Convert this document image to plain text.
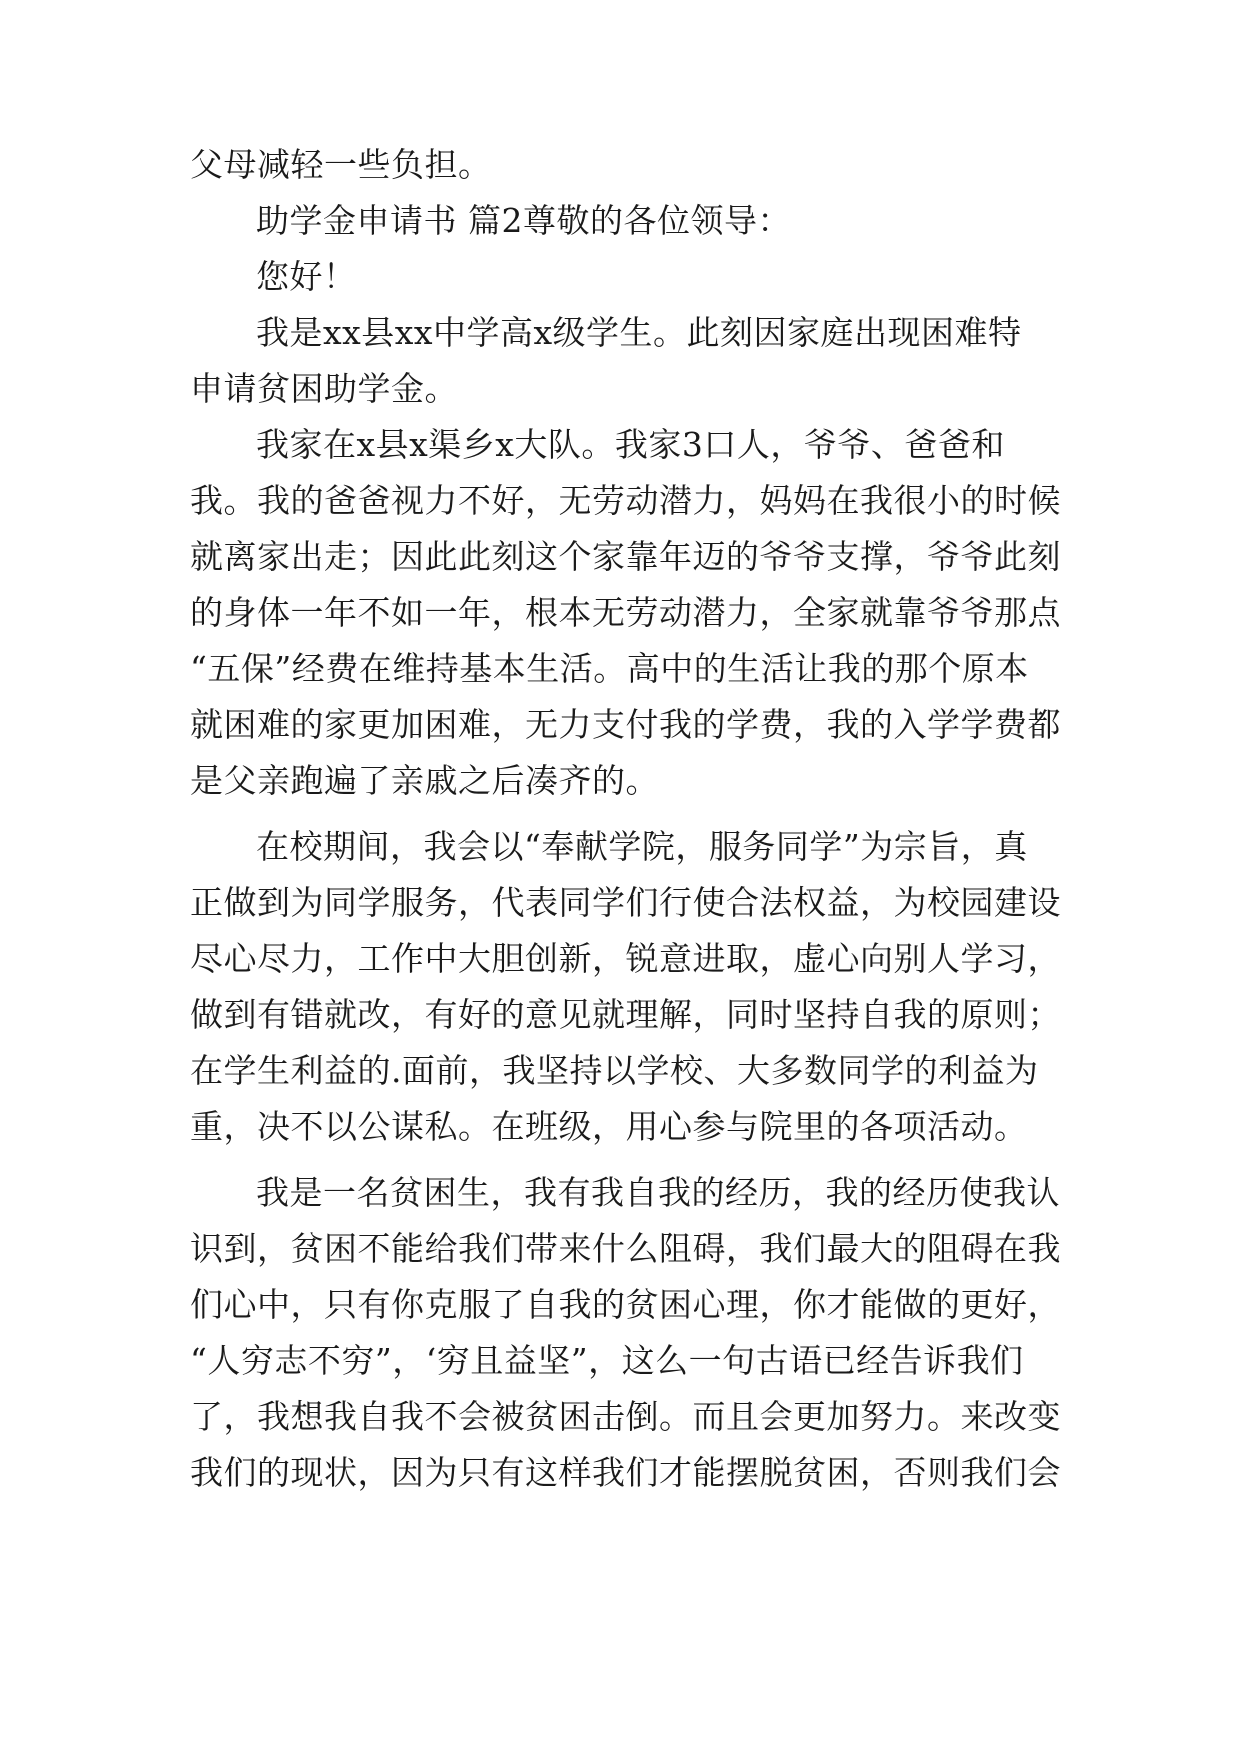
父母减轻一些负担。
助学金申请书 篇2尊敬的各位领导：
您好！
我是xx县xx中学高x级学生。此刻因家庭出现困难特
申请贫困助学金。
我家在x县x渠乡x大队。我家3口人，爷爷、爸爸和
我。我的爸爸视力不好，无劳动潜力，妈妈在我很小的时候
就离家出走；因此此刻这个家靠年迈的爷爷支撑，爷爷此刻
的身体一年不如一年，根本无劳动潜力，全家就靠爷爷那点
“五保”经费在维持基本生活。高中的生活让我的那个原本
就困难的家更加困难，无力支付我的学费，我的入学学费都
是父亲跑遍了亲戚之后凑齐的。
在校期间，我会以“奉献学院，服务同学”为宗旨，真
正做到为同学服务，代表同学们行使合法权益，为校园建设
尽心尽力，工作中大胆创新，锐意进取，虚心向别人学习，
做到有错就改，有好的意见就理解，同时坚持自我的原则；
在学生利益的.面前，我坚持以学校、大多数同学的利益为
重，决不以公谋私。在班级，用心参与院里的各项活动。
我是一名贫困生，我有我自我的经历，我的经历使我认
识到，贫困不能给我们带来什么阻碍，我们最大的阻碍在我
们心中，只有你克服了自我的贫困心理，你才能做的更好，
“人穷志不穷”，‘穷且益坚”，这么一句古语已经告诉我们
了，我想我自我不会被贫困击倒。而且会更加努力。来改变
我们的现状，因为只有这样我们才能摆脱贫困，否则我们会
